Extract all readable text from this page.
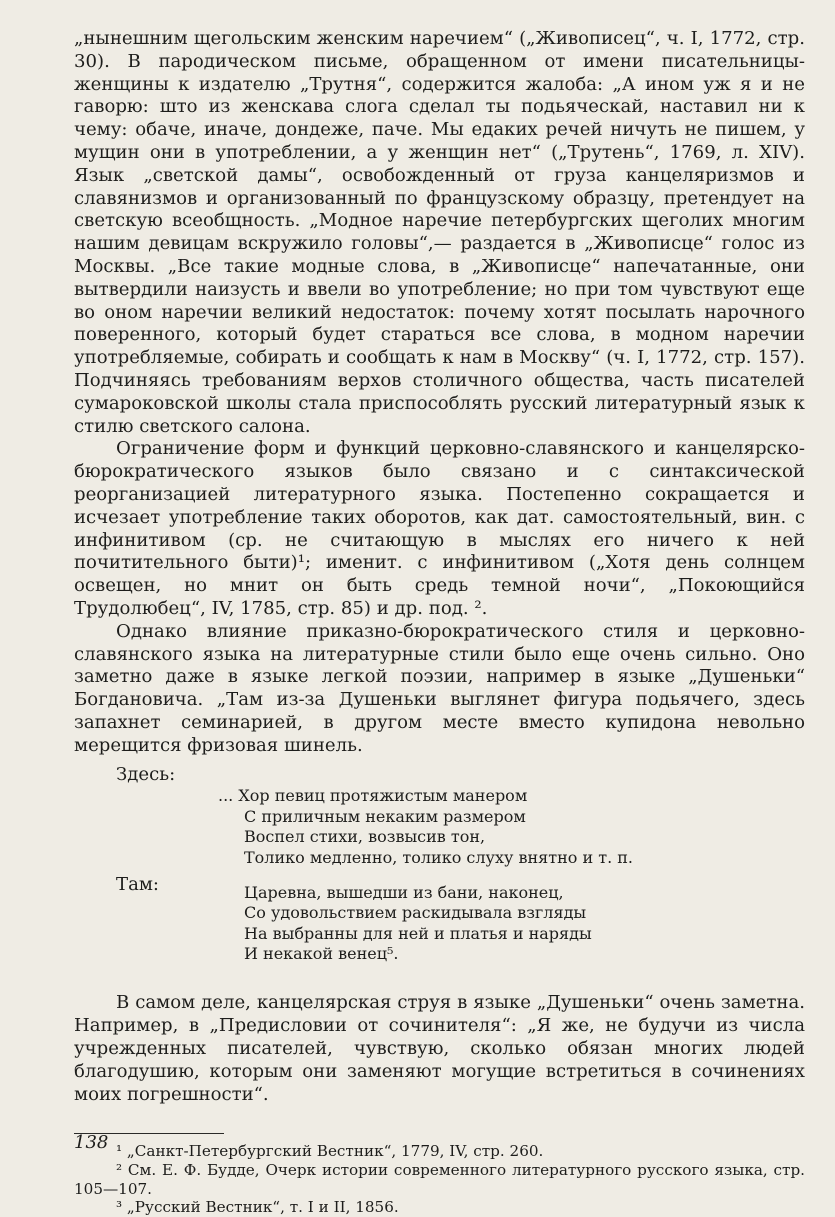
„нынешним щегольским женским наречием“ („Живописец“, ч. I, 1772, стр. 30). В пародическом письме, обращенном от имени писательницы-женщины к издателю „Трутня“, содержится жалоба: „А ином уж я и не гаворю: што из женскава слога сделал ты подьяческай, наставил ни к чему: обаче, иначе, дондеже, паче. Мы едаких речей ничуть не пишем, у мущин они в употреблении, а у женщин нет“ („Трутень“, 1769, л. XIV). Язык „светской дамы“, освобожденный от груза канцеляризмов и славянизмов и организованный по французскому образцу, претендует на светскую всеобщность. „Модное наречие петербургских щеголих многим нашим девицам вскружило головы“,— раздается в „Живописце“ голос из Москвы. „Все такие модные слова, в „Живописце“ напечатанные, они вытвердили наизусть и ввели во употребление; но при том чувствуют еще во оном наречии великий недостаток: почему хотят посылать нарочного поверенного, который будет стараться все слова, в модном наречии употребляемые, собирать и сообщать к нам в Москву“ (ч. I, 1772, стр. 157). Подчиняясь требованиям верхов столичного общества, часть писателей сумароковской школы стала приспособлять русский литературный язык к стилю светского салона.

Ограничение форм и функций церковно-славянского и канцелярско-бюрократического языков было связано и с синтаксической реорганизацией литературного языка. Постепенно сокращается и исчезает употребление таких оборотов, как дат. самостоятельный, вин. с инфинитивом (ср. не считающую в мыслях его ничего к ней почитительного быти)¹; именит. с инфинитивом („Хотя день солнцем освещен, но мнит он быть средь темной ночи“, „Покоющийся Трудолюбец“, IV, 1785, стр. 85) и др. под. ².

Однако влияние приказно-бюрократического стиля и церковно-славянского языка на литературные стили было еще очень сильно. Оно заметно даже в языке легкой поэзии, например в языке „Душеньки“ Богдановича. „Там из-за Душеньки выглянет фигура подьячего, здесь запахнет семинарией, в другом месте вместо купидона невольно мерещится фризовая шинель.

Здесь:

... Хор певиц протяжистым манером
С приличным некаким размером
Воспел стихи, возвысив тон,
Толико медленно, толико слуху внятно и т. п.

Там:	Царевна, вышедши из бани, наконец,
Со удовольствием раскидывала взгляды
На выбранны для ней и платья и наряды
И некакой венец⁵.

В самом деле, канцелярская струя в языке „Душеньки“ очень заметна. Например, в „Предисловии от сочинителя“: „Я же, не будучи из числа учрежденных писателей, чувствую, сколько обязан многих людей благодушию, которым они заменяют могущие встретиться в сочинениях моих погрешности“.

¹ „Санкт-Петербургский Вестник“, 1779, IV, стр. 260.

² См. Е. Ф. Будде, Очерк истории современного литературного русского языка, стр. 105—107.

³ „Русский Вестник“, т. I и II, 1856.

138
